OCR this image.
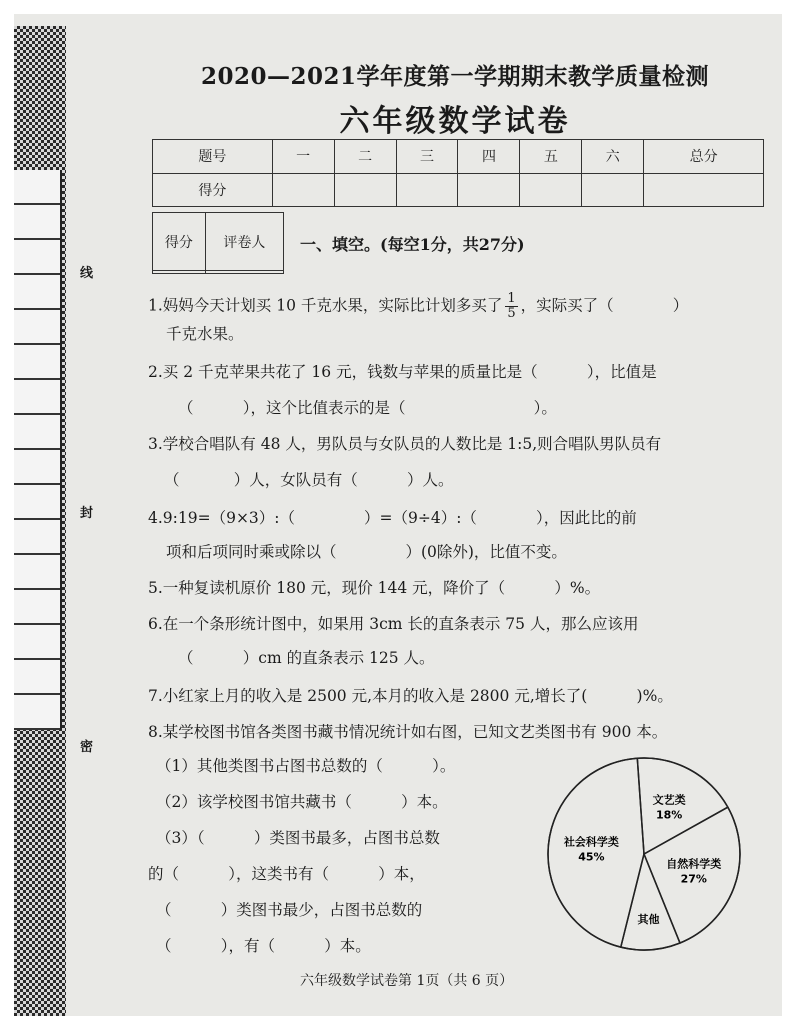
线
封
密
2020—2021学年度第一学期期末教学质量检测
六年级数学试卷
题号	一	二	三	四	五	六	总分
得分							
得分	评卷人
	一、填空。(每空1分，共27分)
1.妈妈今天计划买 10 千克水果，实际比计划多买了 $\frac{1}{5}$ ，实际买了（            ）
千克水果。
2.买 2 千克苹果共花了 16 元，钱数与苹果的质量比是（          ），比值是
（          ），这个比值表示的是（                          ）。
3.学校合唱队有 48 人，男队员与女队员的人数比是 1:5,则合唱队男队员有
（           ）人，女队员有（          ）人。
4.9:19=（9×3）:（              ）=（9÷4）:（            ），因此比的前
项和后项同时乘或除以（              ）(0除外)，比值不变。
5.一种复读机原价 180 元，现价 144 元，降价了（          ）%。
6.在一个条形统计图中，如果用 3cm 长的直条表示 75 人，那么应该用
（          ）cm 的直条表示 125 人。
7.小红家上月的收入是 2500 元,本月的收入是 2800 元,增长了(          )%。
8.某学校图书馆各类图书藏书情况统计如右图，已知文艺类图书有 900 本。
（1）其他类图书占图书总数的（          ）。
（2）该学校图书馆共藏书（          ）本。
（3）（          ）类图书最多，占图书总数
的（          ），这类书有（          ）本，
（          ）类图书最少，占图书总数的
（          ），有（          ）本。
文艺类
18%
自然科学类
27%
其他
社会科学类
45%
六年级数学试卷第 1页（共 6 页）
